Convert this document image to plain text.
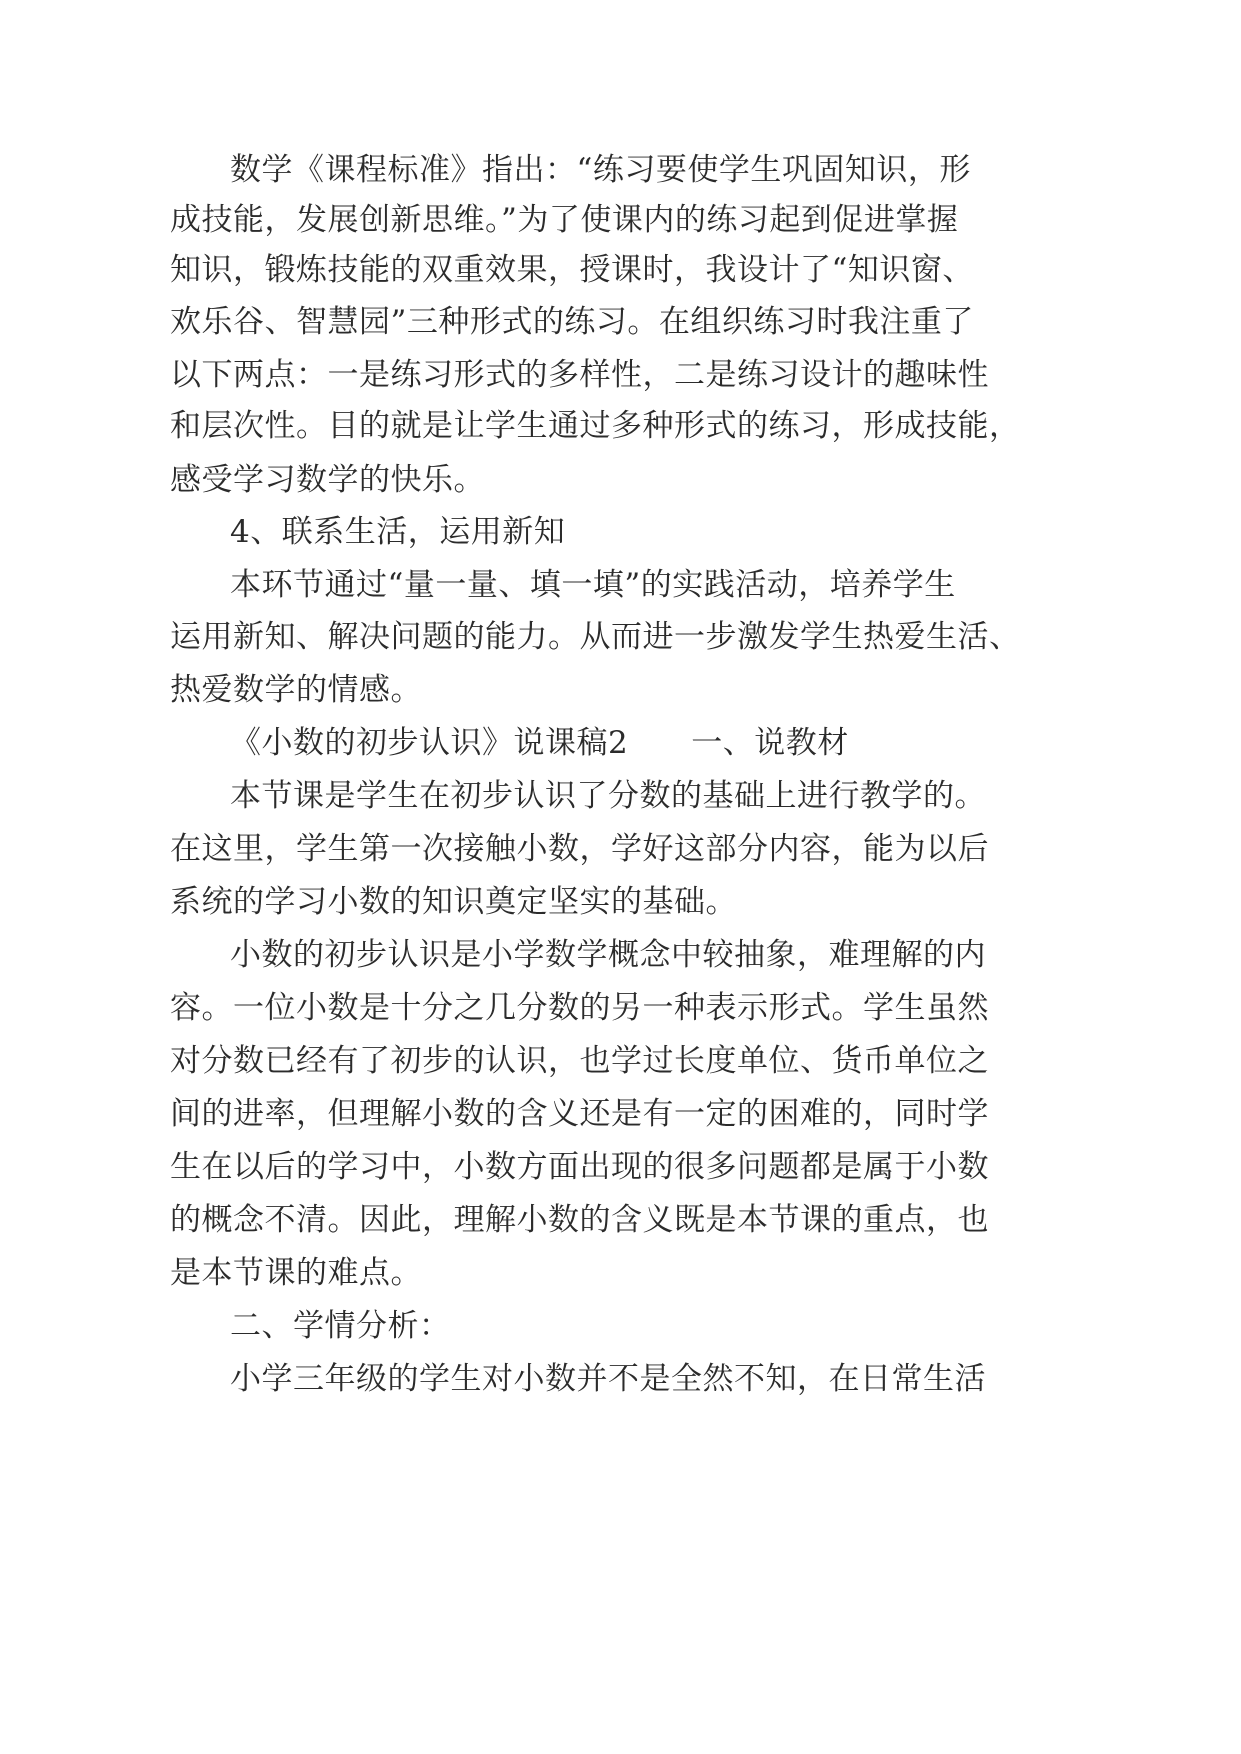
数学《课程标准》指出：“练习要使学生巩固知识，形
成技能，发展创新思维。”为了使课内的练习起到促进掌握
知识，锻炼技能的双重效果，授课时，我设计了“知识窗、
欢乐谷、智慧园”三种形式的练习。在组织练习时我注重了
以下两点：一是练习形式的多样性，二是练习设计的趣味性
和层次性。目的就是让学生通过多种形式的练习，形成技能，
感受学习数学的快乐。
4、联系生活，运用新知
本环节通过“量一量、填一填”的实践活动，培养学生
运用新知、解决问题的能力。从而进一步激发学生热爱生活、
热爱数学的情感。
《小数的初步认识》说课稿2　　一、说教材
本节课是学生在初步认识了分数的基础上进行教学的。
在这里，学生第一次接触小数，学好这部分内容，能为以后
系统的学习小数的知识奠定坚实的基础。
小数的初步认识是小学数学概念中较抽象，难理解的内
容。一位小数是十分之几分数的另一种表示形式。学生虽然
对分数已经有了初步的认识，也学过长度单位、货币单位之
间的进率，但理解小数的含义还是有一定的困难的，同时学
生在以后的学习中，小数方面出现的很多问题都是属于小数
的概念不清。因此，理解小数的含义既是本节课的重点，也
是本节课的难点。
二、学情分析：
小学三年级的学生对小数并不是全然不知，在日常生活
